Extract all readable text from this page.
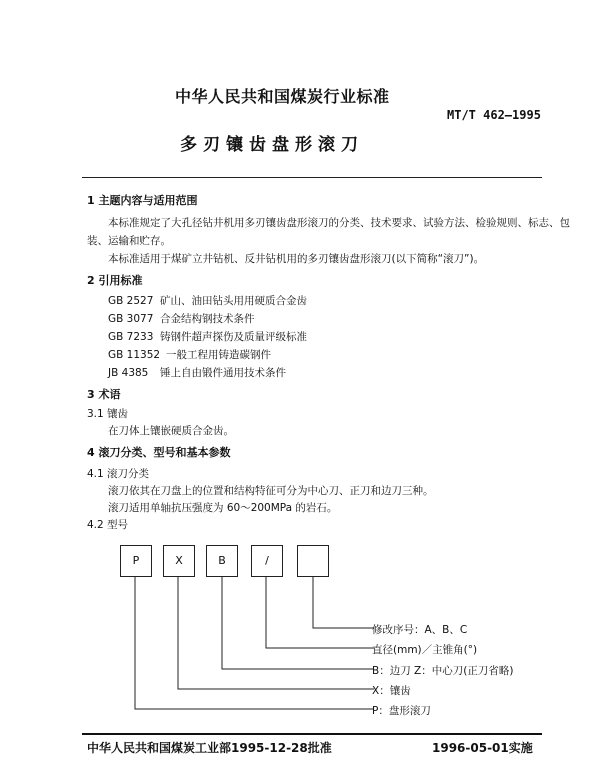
中华人民共和国煤炭行业标准
MT/T 462—1995
多刃镶齿盘形滚刀
1 主题内容与适用范围
本标准规定了大孔径钻井机用多刃镶齿盘形滚刀的分类、技术要求、试验方法、检验规则、标志、包
装、运输和贮存。
本标准适用于煤矿立井钻机、反井钻机用的多刃镶齿盘形滚刀(以下简称“滚刀”)。
2 引用标准
GB 2527 矿山、油田钻头用用硬质合金齿
GB 3077 合金结构钢技术条件
GB 7233 铸钢件超声探伤及质量评级标准
GB 11352 一般工程用铸造碳钢件
JB 4385 锤上自由锻件通用技术条件
3 术语
3.1 镶齿
在刀体上镶嵌硬质合金齿。
4 滚刀分类、型号和基本参数
4.1 滚刀分类
滚刀依其在刀盘上的位置和结构特征可分为中心刀、正刀和边刀三种。
滚刀适用单轴抗压强度为 60～200MPa 的岩石。
4.2 型号
P	X	B	/
修改序号：A、B、C
直径(mm)／主锥角(°)
B：边刀 Z：中心刀(正刀省略)
X：镶齿
P：盘形滚刀
中华人民共和国煤炭工业部1995-12-28批准	1996-05-01实施
